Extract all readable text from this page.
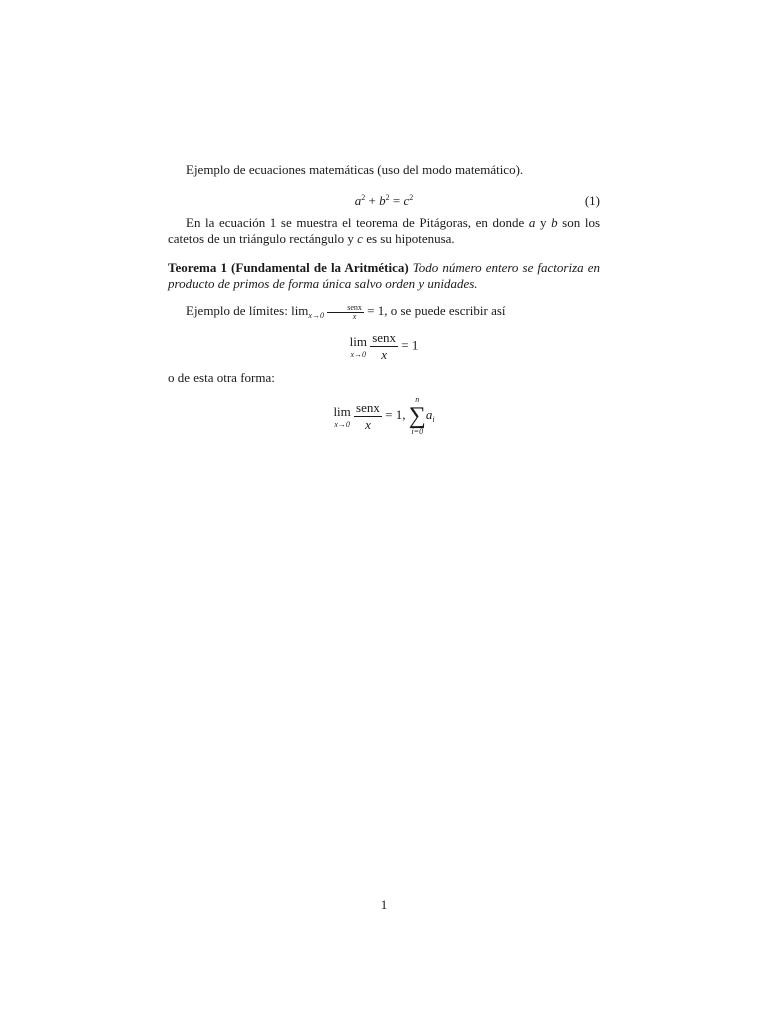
Ejemplo de ecuaciones matemáticas (uso del modo matemático).
$a^2 + b^2 = c^2$	(1)
En la ecuación 1 se muestra el teorema de Pitágoras, en donde a y b son los catetos de un triángulo rectángulo y c es su hipotenusa.
Teorema 1 (Fundamental de la Aritmética) Todo número entero se factoriza en producto de primos de forma única salvo orden y unidades.
Ejemplo de límites: $\lim_{x\to 0} \frac{\text{senx}}{x} = 1$, o se puede escribir así
lim
x→0
$\frac{\text{senx}}{x} = 1$
o de esta otra forma:
lim
x→0
$\frac{\text{senx}}{x} = 1$,
n
∑
i=0
$a_i$
1
